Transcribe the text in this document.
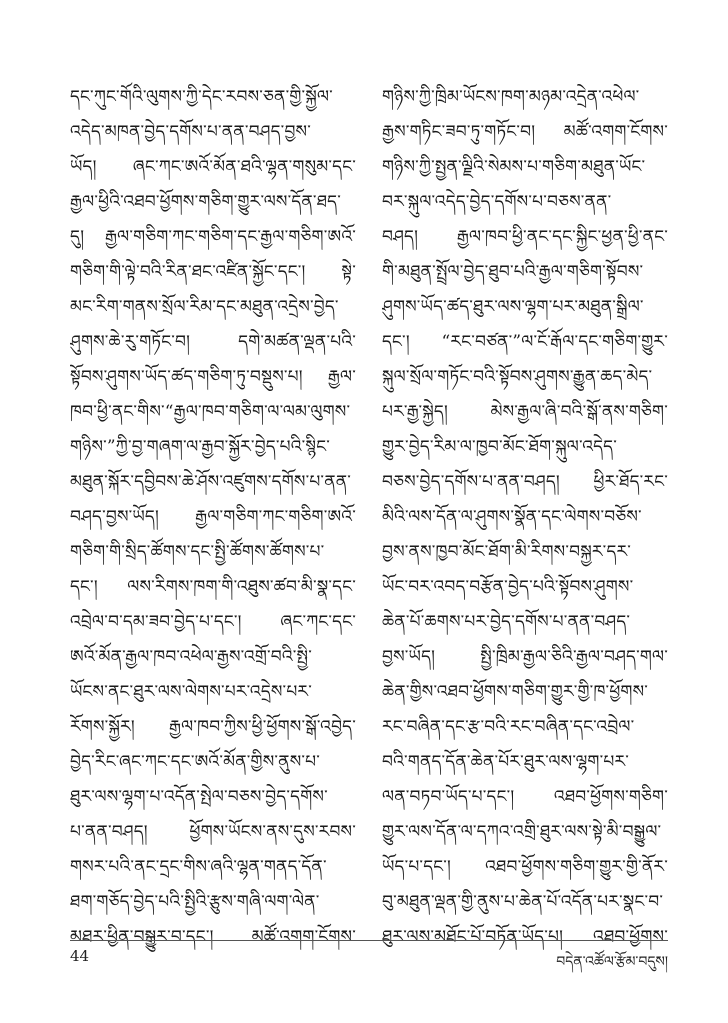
དང་ཀུང་གོའི་ལུགས་ཀྱི་དེང་རབས་ཅན་གྱི་སྐྱོལ་
འདེད་མཁན་བྱེད་དགོས་པ་ནན་བཤད་བྱས་
ཡོད། ཞང་ཀང་ཨའོ་མོན་ཐའི་ལྷན་གསུམ་དང་
རྒྱལ་ཕྱིའི་འཐབ་ཕྱོགས་གཅིག་གྱུར་ལས་དོན་ཐད་
དུ། རྒྱལ་གཅིག་ཀང་གཅིག་དང་རྒྱལ་གཅིག་ཨའོ་
གཅིག་གི་ལྟེ་བའི་རིན་ཐང་འཛིན་སྐྱོང་དང་། སྟེ་
མང་རིག་གནས་སྲོལ་རིམ་དང་མཐུན་འདྲེས་བྱེད་
ཤུགས་ཆེ་རུ་གཏོང་བ། དགེ་མཚན་ལྡན་པའི་
སྟོབས་ཤུགས་ཡོད་ཚད་གཅིག་ཏུ་བསྡུས་པ། རྒྱལ་
ཁབ་ཕྱི་ནང་གིས་“རྒྱལ་ཁབ་གཅིག་ལ་ལམ་ལུགས་
གཉིས་”ཀྱི་བྱ་གཞག་ལ་རྒྱབ་སྐྱོར་བྱེད་པའི་སྙིང་
མཐུན་སྐོར་དབྱིབས་ཆེ་ཤོས་འཛུགས་དགོས་པ་ནན་
བཤད་བྱས་ཡོད། རྒྱལ་གཅིག་ཀང་གཅིག་ཨའོ་
གཅིག་གི་སྲིད་ཚོགས་དང་སྤྱི་ཚོགས་ཚོགས་པ་
དང་། ལས་རིགས་ཁག་གི་འཐུས་ཚབ་མི་སྣ་དང་
འབྲེལ་བ་དམ་ཟབ་བྱེད་པ་དང་། ཞང་ཀང་དང་
ཨའོ་མོན་རྒྱལ་ཁབ་འཕེལ་རྒྱས་འགྲོ་བའི་སྤྱི་
ཡོངས་ནང་ཐུར་ལས་ལེགས་པར་འདྲེས་པར་
རོགས་སྐྱོར། རྒྱལ་ཁབ་ཀྱིས་ཕྱི་ཕྱོགས་སྒོ་འབྱེད་
བྱེད་རིང་ཞང་ཀང་དང་ཨའོ་མོན་གྱིས་ནུས་པ་
ཐུར་ལས་ལྷག་པ་འདོན་སྤེལ་བཅས་བྱེད་དགོས་
པ་ནན་བཤད། ཕྱོགས་ཡོངས་ནས་དུས་རབས་
གསར་པའི་ནང་དྲང་གིས་ཞའི་ལྷན་གནད་དོན་
ཐག་གཅོད་བྱེད་པའི་སྤྱིའི་རྩུས་གཞི་ལག་ལེན་
མཐར་ཕྱིན་བསྒྱུར་བ་དང་། མཚོ་འགག་ངོགས་
གཉིས་ཀྱི་ཁྲིམ་ཡོངས་ཁག་མཉམ་འདྲེན་འཕེལ་
རྒྱས་གཏིང་ཟབ་ཏུ་གཏོང་བ། མཚོ་འགག་ངོགས་
གཉིས་ཀྱི་སྤྱན་ལྗིའི་སེམས་པ་གཅིག་མཐུན་ཡོང་
བར་སྐུལ་འདེད་བྱེད་དགོས་པ་བཅས་ནན་
བཤད། རྒྱལ་ཁབ་ཕྱི་ནང་དང་སྐྱིང་ཕྱན་ཕྱི་ནང་
གི་མཐུན་སྤྲོལ་བྱེད་ཐུབ་པའི་རྒྱལ་གཅིག་སྟོབས་
ཤུགས་ཡོད་ཚད་ཐུར་ལས་ལྷག་པར་མཐུན་སྒྲིལ་
དང་། “རང་བཙན་”ལ་ངོ་རྒོལ་དང་གཅིག་གྱུར་
སྐུལ་སྲོལ་གཏོང་བའི་སྟོབས་ཤུགས་རྒྱུན་ཆད་མེད་
པར་རྒྱ་སྐྱེད། མེས་རྒྱལ་ཞི་བའི་སྒོ་ནས་གཅིག་
གྱུར་བྱེད་རིམ་ལ་ཁྱབ་མོང་ཐོག་སྐུལ་འདེད་
བཅས་བྱེད་དགོས་པ་ནན་བཤད། ཕྱིར་ཐོད་རང་
མིའི་ལས་དོན་ལ་ཤུགས་སྣོན་དང་ལེགས་བཅོས་
བྱས་ནས་ཁྱབ་མོང་ཐོག་མི་རིགས་བསྐྱར་དར་
ཡོང་བར་འབད་བརྩོན་བྱེད་པའི་སྟོབས་ཤུགས་
ཆེན་པོ་ཆགས་པར་བྱེད་དགོས་པ་ནན་བཤད་
བྱས་ཡོད། སྤྱི་ཁྲིམ་རྒྱལ་ཅིའི་རྒྱལ་བཤད་གལ་
ཆེན་གྱིས་འཐབ་ཕྱོགས་གཅིག་གྱུར་གྱི་ཁ་ཕྱོགས་
རང་བཞིན་དང་རྩ་བའི་རང་བཞིན་དང་འབྲེལ་
བའི་གནད་དོན་ཆེན་པོར་ཐུར་ལས་ལྷག་པར་
ལན་བཏབ་ཡོད་པ་དང་། འཐབ་ཕྱོགས་གཅིག་
གྱུར་ལས་དོན་ལ་དཀའ་འགྲི་ཐུར་ལས་སྟེ་མི་བསྒྱུལ་
ཡོད་པ་དང་། འཐབ་ཕྱོགས་གཅིག་གྱུར་གྱི་ནོར་
བུ་མཐུན་ལྡན་གྱི་ནུས་པ་ཆེན་པོ་འདོན་པར་སྣང་བ་
ཐུར་ལས་མཐོང་པོ་བཏོན་ཡོད་པ། འཐབ་ཕྱོགས་
44	བདེན་འཚོལ་རྩོམ་བདུས།
